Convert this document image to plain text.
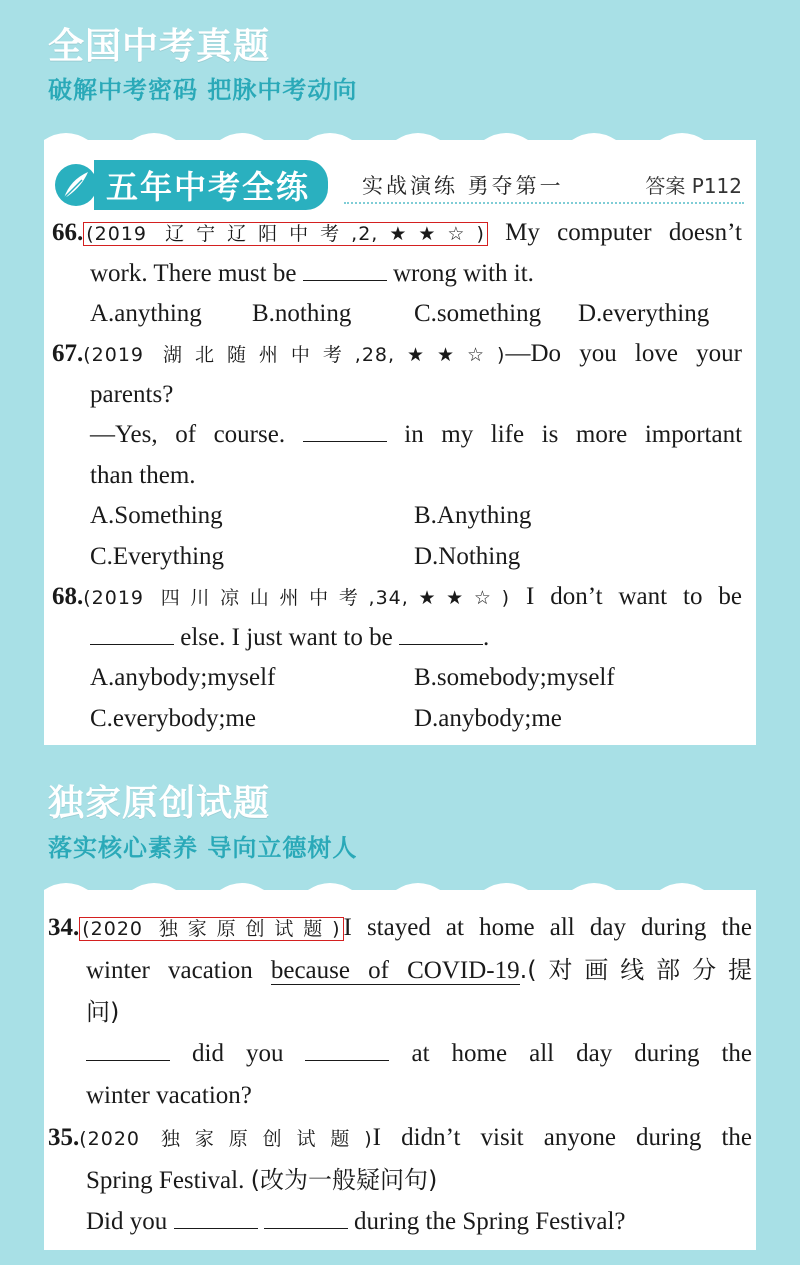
全国中考真题
破解中考密码 把脉中考动向
五年中考全练	实战演练 勇夺第一	答案 P112
66. (2019 辽宁辽阳中考,2,★★☆) My computer doesn’t
work. There must be	wrong with it.
A.anything B.nothing	C.something D.everything
67.(2019 湖北随州中考,28,★★☆)—Do you love your
parents?
—Yes, of course.	in my life is more important
than them.
A.Something	B.Anything
C.Everything	D.Nothing
68.(2019 四川凉山州中考,34,★★☆) I don’t want to be
else. I just want to be	.
A.anybody;myself	B.somebody;myself
C.everybody;me	D.anybody;me
独家原创试题
落实核心素养 导向立德树人
34. (2020 独家原创试题) I stayed at home all day during the
winter vacation because of COVID-19.(对画线部分提
问)
did you	at home all day during the
winter vacation?
35.(2020 独家原创试题)I didn’t visit anyone during the
Spring Festival. (改为一般疑问句)
Did you	during the Spring Festival?
